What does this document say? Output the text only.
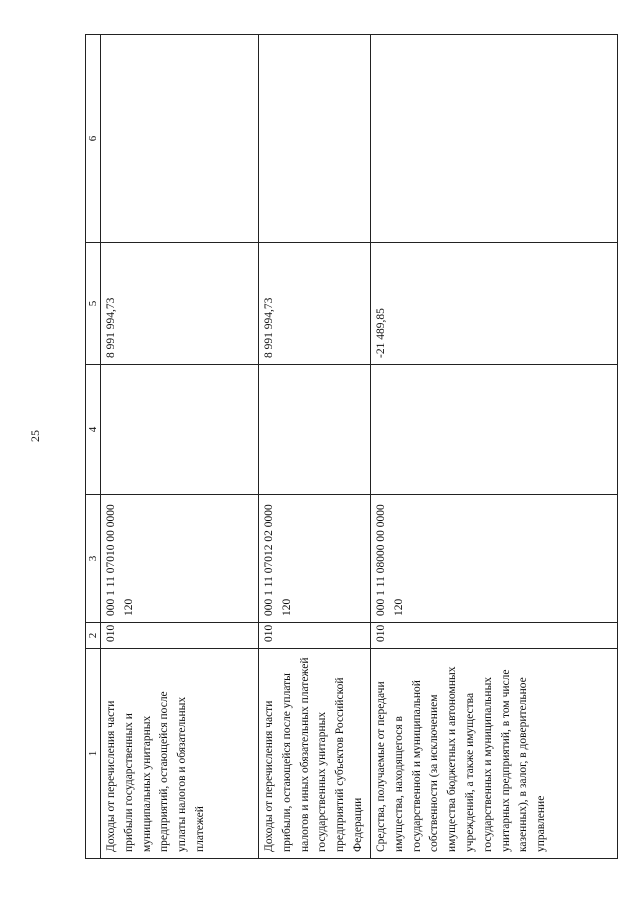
25
1	2	3	4	5	6
Доходы от перечисления части прибыли государственных и муниципальных унитарных предприятий, остающейся после уплаты налогов и обязательных платежей	010	000 1 11 07010 00 0000 120		8 991 994,73	
Доходы от перечисления части прибыли, остающейся после уплаты налогов и иных обязательных платежей государственных унитарных предприятий субъектов Российской Федерации	010	000 1 11 07012 02 0000 120		8 991 994,73	
Средства, получаемые от передачи имущества, находящегося в государственной и муниципальной собственности (за исключением имущества бюджетных и автономных учреждений, а также имущества государственных и муниципальных унитарных предприятий, в том числе казенных), в залог, в доверительное управление	010	000 1 11 08000 00 0000 120		-21 489,85	
